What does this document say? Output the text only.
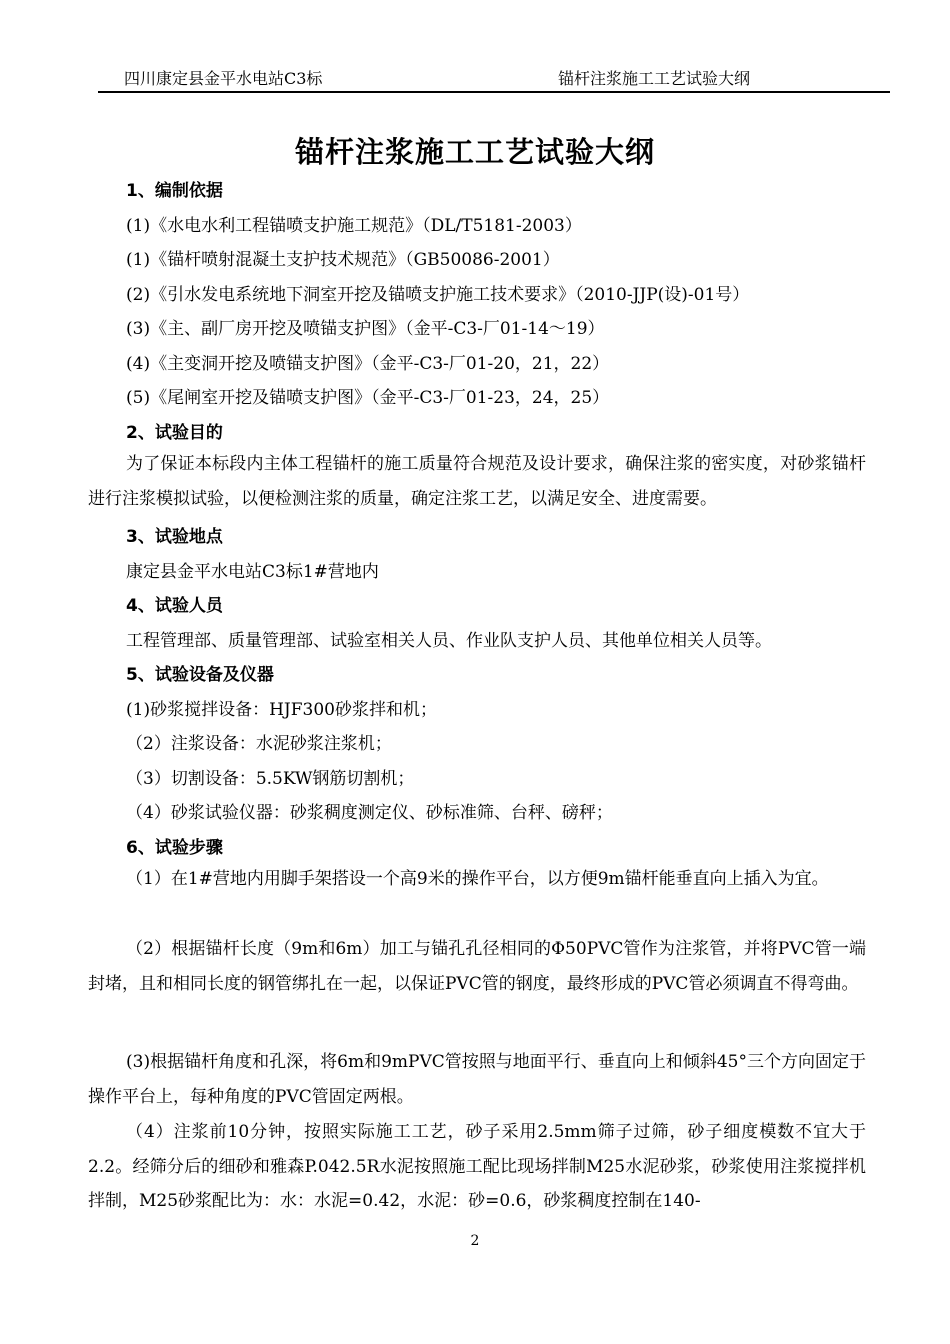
四川康定县金平水电站C3标	锚杆注浆施工工艺试验大纲
锚杆注浆施工工艺试验大纲
1、编制依据
(1)《水电水利工程锚喷支护施工规范》（DL/T5181-2003）
(1)《锚杆喷射混凝土支护技术规范》（GB50086-2001）
(2)《引水发电系统地下洞室开挖及锚喷支护施工技术要求》（2010-JJP(设)-01号）
(3)《主、副厂房开挖及喷锚支护图》（金平-C3-厂01-14～19）
(4)《主变洞开挖及喷锚支护图》（金平-C3-厂01-20，21，22）
(5)《尾闸室开挖及锚喷支护图》（金平-C3-厂01-23，24，25）
2、试验目的
为了保证本标段内主体工程锚杆的施工质量符合规范及设计要求，确保注浆的密实度，对砂浆锚杆进行注浆模拟试验，以便检测注浆的质量，确定注浆工艺，以满足安全、进度需要。
3、试验地点
康定县金平水电站C3标1#营地内
4、试验人员
工程管理部、质量管理部、试验室相关人员、作业队支护人员、其他单位相关人员等。
5、试验设备及仪器
(1)砂浆搅拌设备：HJF300砂浆拌和机；
（2）注浆设备：水泥砂浆注浆机；
（3）切割设备：5.5KW钢筋切割机；
（4）砂浆试验仪器：砂浆稠度测定仪、砂标准筛、台秤、磅秤；
6、试验步骤
（1）在1#营地内用脚手架搭设一个高9米的操作平台，以方便9m锚杆能垂直向上插入为宜。
（2）根据锚杆长度（9m和6m）加工与锚孔孔径相同的Φ50PVC管作为注浆管，并将PVC管一端封堵，且和相同长度的钢管绑扎在一起，以保证PVC管的钢度，最终形成的PVC管必须调直不得弯曲。
(3)根据锚杆角度和孔深，将6m和9mPVC管按照与地面平行、垂直向上和倾斜45°三个方向固定于操作平台上，每种角度的PVC管固定两根。
（4）注浆前10分钟，按照实际施工工艺，砂子采用2.5mm筛子过筛，砂子细度模数不宜大于2.2。经筛分后的细砂和雅森P.042.5R水泥按照施工配比现场拌制M25水泥砂浆，砂浆使用注浆搅拌机拌制，M25砂浆配比为：水：水泥=0.42，水泥：砂=0.6，砂浆稠度控制在140-
2
